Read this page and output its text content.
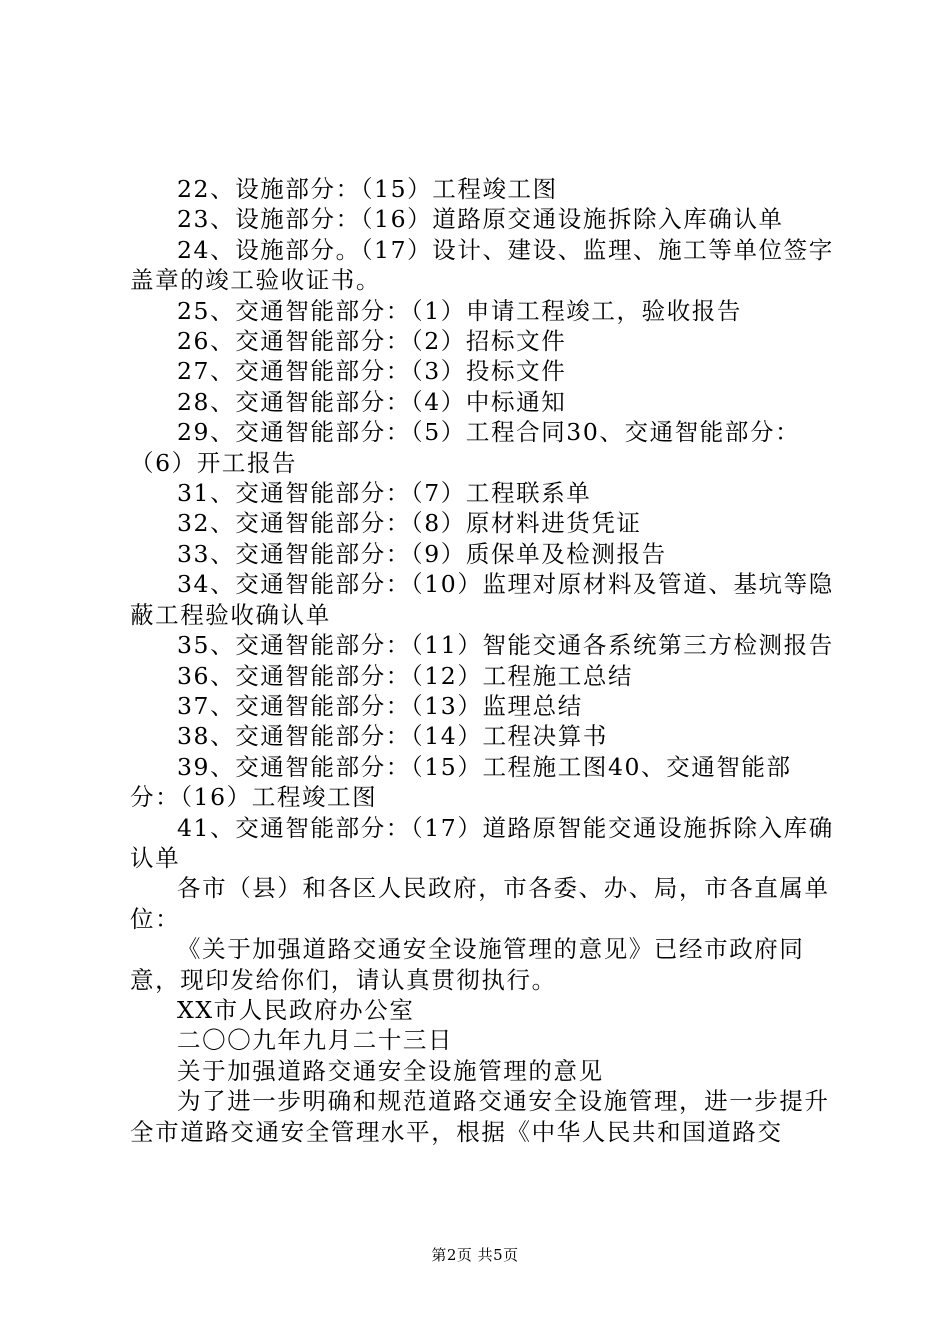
22、设施部分：（15）工程竣工图

23、设施部分：（16）道路原交通设施拆除入库确认单

24、设施部分。（17）设计、建设、监理、施工等单位签字盖章的竣工验收证书。

25、交通智能部分：（1）申请工程竣工，验收报告

26、交通智能部分：（2）招标文件

27、交通智能部分：（3）投标文件

28、交通智能部分：（4）中标通知

29、交通智能部分：（5）工程合同30、交通智能部分：（6）开工报告

31、交通智能部分：（7）工程联系单

32、交通智能部分：（8）原材料进货凭证

33、交通智能部分：（9）质保单及检测报告

34、交通智能部分：（10）监理对原材料及管道、基坑等隐蔽工程验收确认单

35、交通智能部分：（11）智能交通各系统第三方检测报告

36、交通智能部分：（12）工程施工总结

37、交通智能部分：（13）监理总结

38、交通智能部分：（14）工程决算书

39、交通智能部分：（15）工程施工图40、交通智能部分：（16）工程竣工图

41、交通智能部分：（17）道路原智能交通设施拆除入库确认单

各市（县）和各区人民政府，市各委、办、局，市各直属单位：

《关于加强道路交通安全设施管理的意见》已经市政府同意，现印发给你们，请认真贯彻执行。

XX市人民政府办公室

二〇〇九年九月二十三日

关于加强道路交通安全设施管理的意见

为了进一步明确和规范道路交通安全设施管理，进一步提升全市道路交通安全管理水平，根据《中华人民共和国道路交

第2页 共5页
